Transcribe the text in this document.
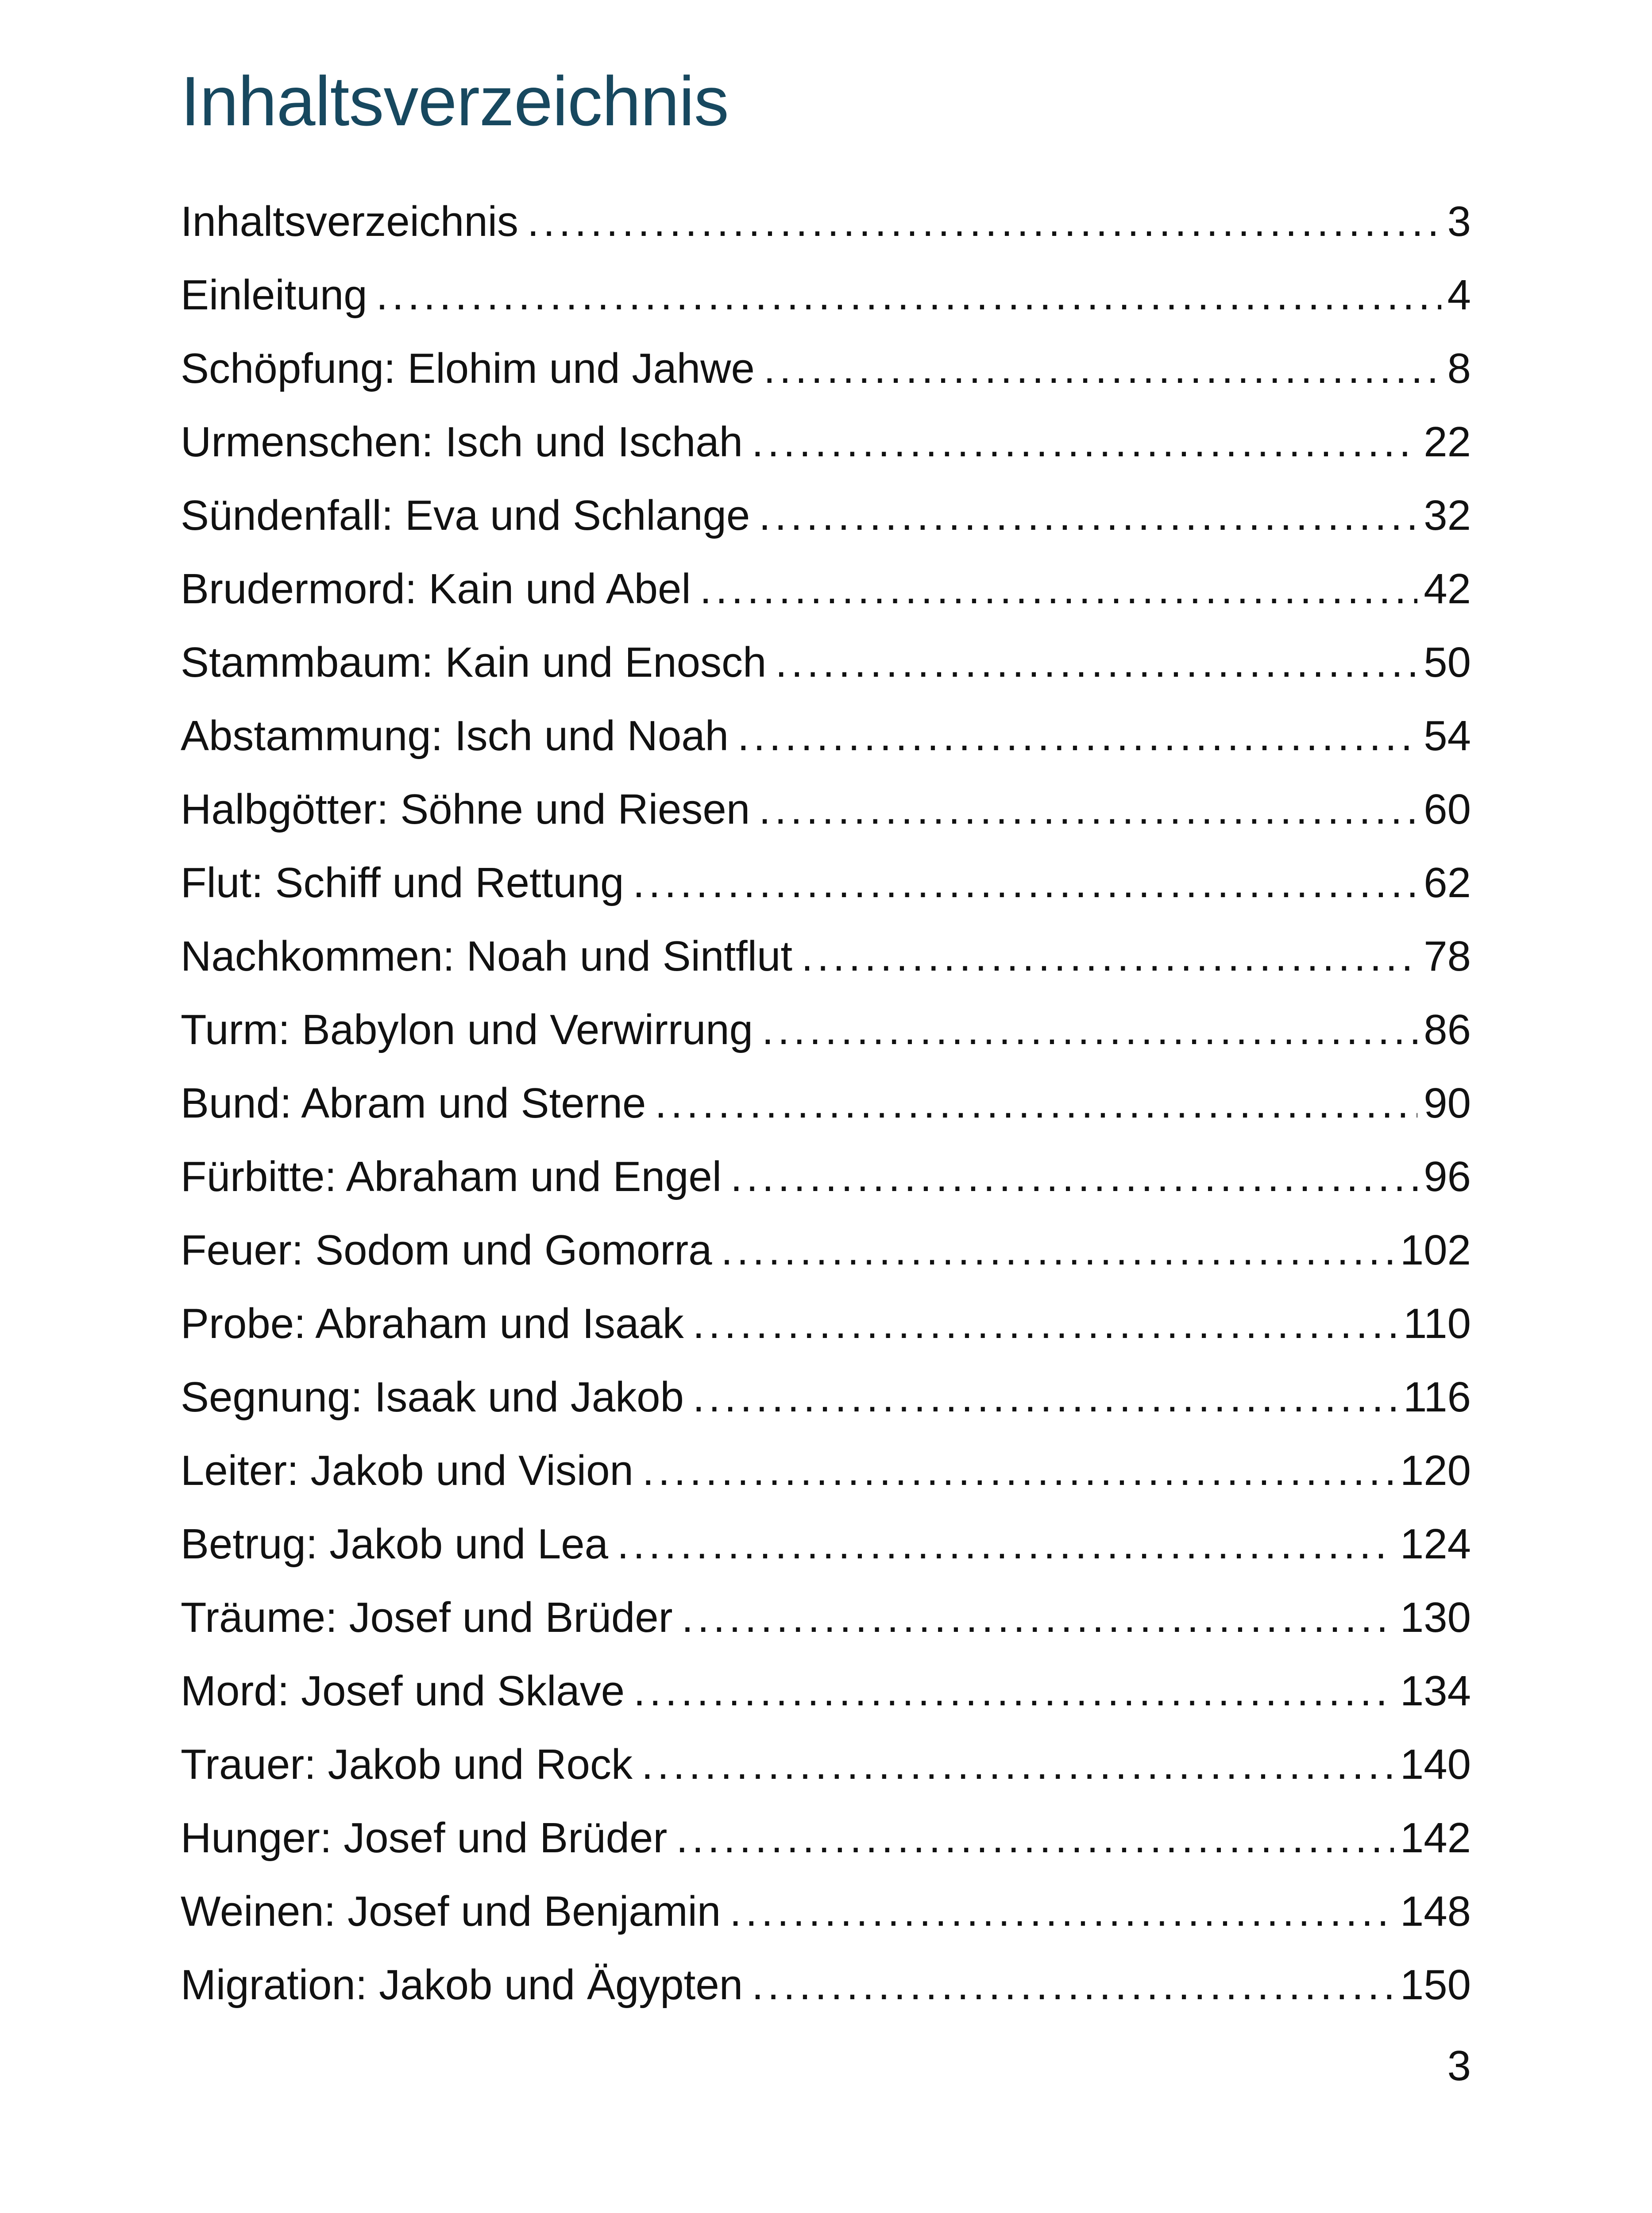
Inhaltsverzeichnis
Inhaltsverzeichnis .....	3
Einleitung .....	4
Schöpfung: Elohim und Jahwe .....	8
Urmenschen: Isch und Ischah .....	22
Sündenfall: Eva und Schlange .....	32
Brudermord: Kain und Abel .....	42
Stammbaum: Kain und Enosch .....	50
Abstammung: Isch und Noah .....	54
Halbgötter: Söhne und Riesen .....	60
Flut: Schiff und Rettung .....	62
Nachkommen: Noah und Sintflut .....	78
Turm: Babylon und Verwirrung .....	86
Bund: Abram und Sterne .....	90
Fürbitte: Abraham und Engel .....	96
Feuer: Sodom und Gomorra .....	102
Probe: Abraham und Isaak .....	110
Segnung: Isaak und Jakob .....	116
Leiter: Jakob und Vision .....	120
Betrug: Jakob und Lea .....	124
Träume: Josef und Brüder .....	130
Mord: Josef und Sklave .....	134
Trauer: Jakob und Rock .....	140
Hunger: Josef und Brüder .....	142
Weinen: Josef und Benjamin .....	148
Migration: Jakob und Ägypten .....	150
3
